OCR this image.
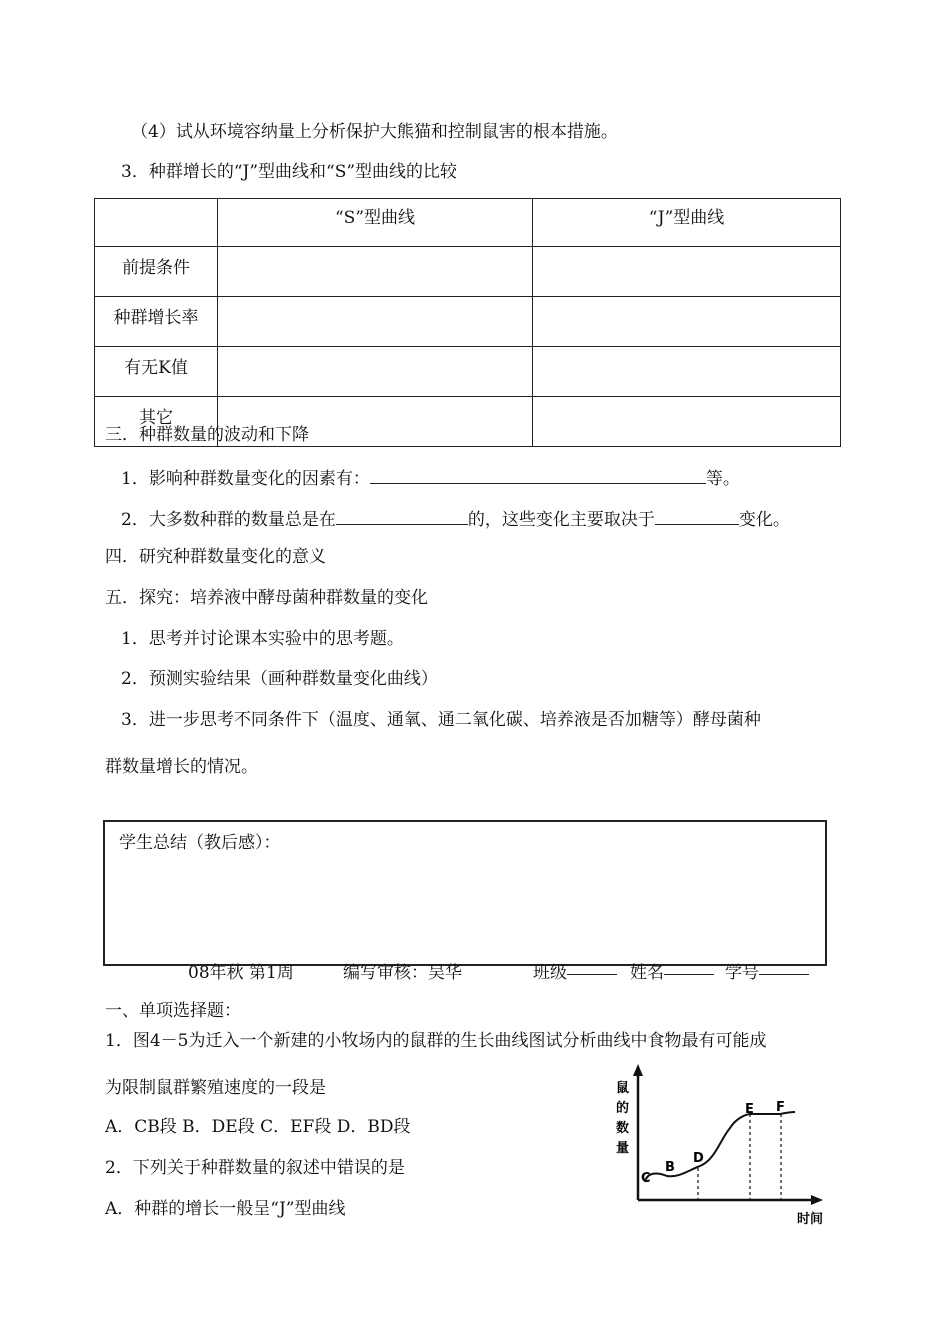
（4）试从环境容纳量上分析保护大熊猫和控制鼠害的根本措施。
3．种群增长的“J”型曲线和“S”型曲线的比较
	“S”型曲线	“J”型曲线
前提条件		
种群增长率		
有无K值		
其它		
三．种群数量的波动和下降
1．影响种群数量变化的因素有：	等。
2．大多数种群的数量总是在	的，这些变化主要取决于	变化。
四．研究种群数量变化的意义
五．探究：培养液中酵母菌种群数量的变化
1．思考并讨论课本实验中的思考题。
2．预测实验结果（画种群数量变化曲线）
3．进一步思考不同条件下（温度、通氧、通二氧化碳、培养液是否加糖等）酵母菌种
群数量增长的情况。
学生总结（教后感）：
08年秋 第1周	编写审核：吴华	班级	姓名	学号
一、单项选择题：
1．图4－5为迁入一个新建的小牧场内的鼠群的生长曲线图试分析曲线中食物最有可能成
为限制鼠群繁殖速度的一段是
A．CB段 B．DE段 C．EF段 D．BD段
2．下列关于种群数量的叙述中错误的是
A．种群的增长一般呈“J”型曲线
鼠
的
数
量
时间
C
B
D
E F
